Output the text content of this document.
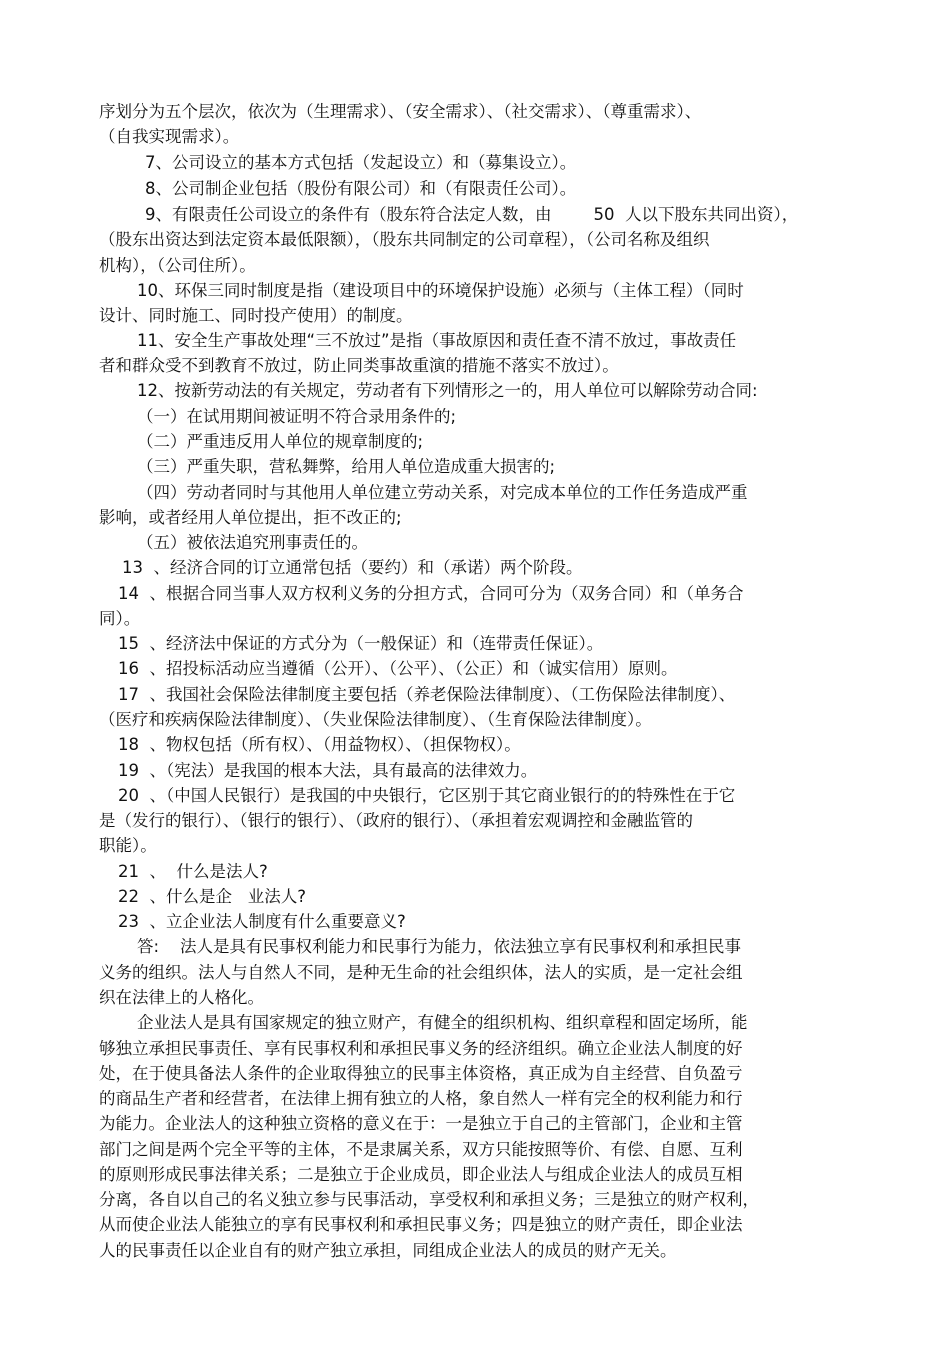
序划分为五个层次，依次为（生理需求）、（安全需求）、（社交需求）、（尊重需求）、
（自我实现需求）。
7、公司设立的基本方式包括（发起设立）和（募集设立）。
8、公司制企业包括（股份有限公司）和（有限责任公司）。
9、有限责任公司设立的条件有（股东符合法定人数，由        50  人以下股东共同出资），
（股东出资达到法定资本最低限额），（股东共同制定的公司章程），（公司名称及组织
机构），（公司住所）。
10、环保三同时制度是指（建设项目中的环境保护设施）必须与（主体工程）（同时
设计、同时施工、同时投产使用）的制度。
11、安全生产事故处理“三不放过”是指（事故原因和责任查不清不放过，事故责任
者和群众受不到教育不放过，防止同类事故重演的措施不落实不放过）。
12、按新劳动法的有关规定，劳动者有下列情形之一的，用人单位可以解除劳动合同:
（一）在试用期间被证明不符合录用条件的;
（二）严重违反用人单位的规章制度的;
（三）严重失职，营私舞弊，给用人单位造成重大损害的;
（四）劳动者同时与其他用人单位建立劳动关系，对完成本单位的工作任务造成严重
影响，或者经用人单位提出，拒不改正的;
（五）被依法追究刑事责任的。
13  、经济合同的订立通常包括（要约）和（承诺）两个阶段。
14  、根据合同当事人双方权利义务的分担方式，合同可分为（双务合同）和（单务合
同）。
15  、经济法中保证的方式分为（一般保证）和（连带责任保证）。
16  、招投标活动应当遵循（公开）、（公平）、（公正）和（诚实信用）原则。
17  、我国社会保险法律制度主要包括（养老保险法律制度）、（工伤保险法律制度）、
（医疗和疾病保险法律制度）、（失业保险法律制度）、（生育保险法律制度）。
18  、物权包括（所有权）、（用益物权）、（担保物权）。
19  、（宪法）是我国的根本大法，具有最高的法律效力。
20  、（中国人民银行）是我国的中央银行，它区别于其它商业银行的的特殊性在于它
是（发行的银行）、（银行的银行）、（政府的银行）、（承担着宏观调控和金融监管的
职能）。
21  、  什么是法人?
22  、什么是企   业法人?
23  、立企业法人制度有什么重要意义?
答:    法人是具有民事权利能力和民事行为能力，依法独立享有民事权利和承担民事
义务的组织。法人与自然人不同，是种无生命的社会组织体，法人的实质，是一定社会组
织在法律上的人格化。
企业法人是具有国家规定的独立财产，有健全的组织机构、组织章程和固定场所，能
够独立承担民事责任、享有民事权利和承担民事义务的经济组织。确立企业法人制度的好
处，在于使具备法人条件的企业取得独立的民事主体资格，真正成为自主经营、自负盈亏
的商品生产者和经营者，在法律上拥有独立的人格，象自然人一样有完全的权利能力和行
为能力。企业法人的这种独立资格的意义在于：一是独立于自己的主管部门，企业和主管
部门之间是两个完全平等的主体，不是隶属关系，双方只能按照等价、有偿、自愿、互利
的原则形成民事法律关系；二是独立于企业成员，即企业法人与组成企业法人的成员互相
分离，各自以自己的名义独立参与民事活动，享受权利和承担义务；三是独立的财产权利，
从而使企业法人能独立的享有民事权利和承担民事义务；四是独立的财产责任，即企业法
人的民事责任以企业自有的财产独立承担，同组成企业法人的成员的财产无关。
